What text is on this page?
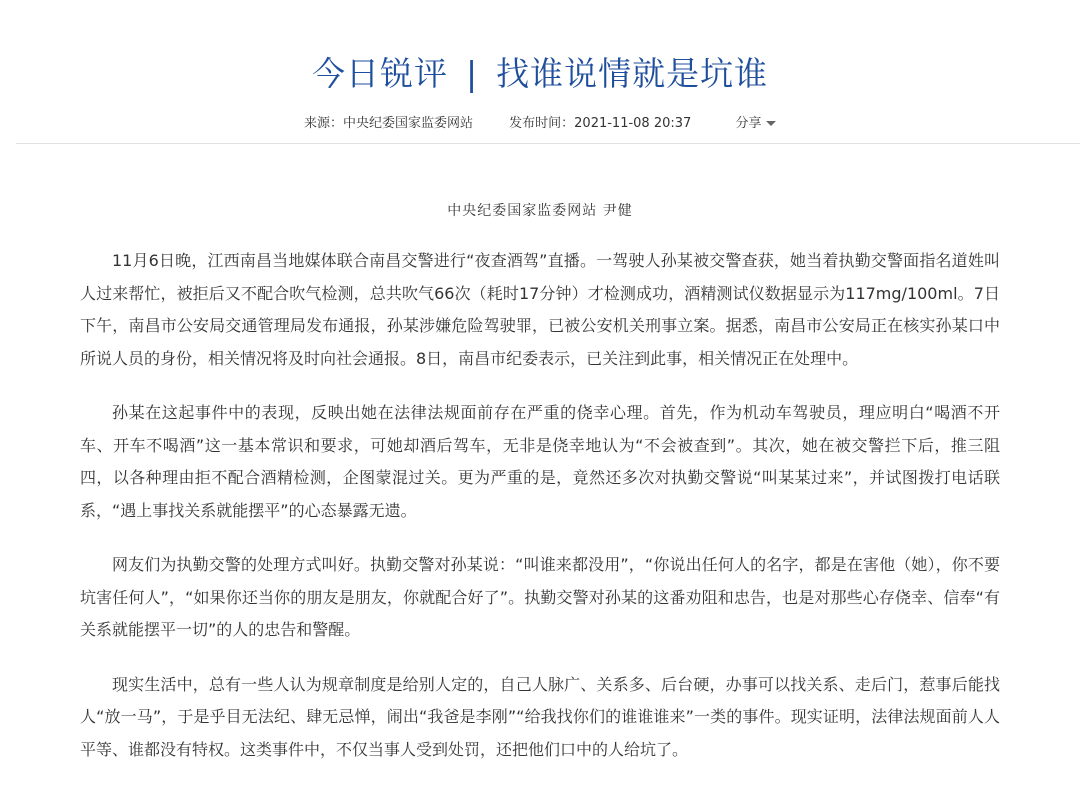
今日锐评 | 找谁说情就是坑谁
来源：中央纪委国家监委网站	发布时间：2021-11-08 20:37	分享
中央纪委国家监委网站 尹健

11月6日晚，江西南昌当地媒体联合南昌交警进行“夜查酒驾”直播。一驾驶人孙某被交警查获，她当着执勤交警面指名道姓叫人过来帮忙，被拒后又不配合吹气检测，总共吹气66次（耗时17分钟）才检测成功，酒精测试仪数据显示为117mg/100ml。7日下午，南昌市公安局交通管理局发布通报，孙某涉嫌危险驾驶罪，已被公安机关刑事立案。据悉，南昌市公安局正在核实孙某口中所说人员的身份，相关情况将及时向社会通报。8日，南昌市纪委表示，已关注到此事，相关情况正在处理中。

孙某在这起事件中的表现，反映出她在法律法规面前存在严重的侥幸心理。首先，作为机动车驾驶员，理应明白“喝酒不开车、开车不喝酒”这一基本常识和要求，可她却酒后驾车，无非是侥幸地认为“不会被查到”。其次，她在被交警拦下后，推三阻四，以各种理由拒不配合酒精检测，企图蒙混过关。更为严重的是，竟然还多次对执勤交警说“叫某某过来”，并试图拨打电话联系，“遇上事找关系就能摆平”的心态暴露无遗。

网友们为执勤交警的处理方式叫好。执勤交警对孙某说：“叫谁来都没用”，“你说出任何人的名字，都是在害他（她），你不要坑害任何人”，“如果你还当你的朋友是朋友，你就配合好了”。执勤交警对孙某的这番劝阻和忠告，也是对那些心存侥幸、信奉“有关系就能摆平一切”的人的忠告和警醒。

现实生活中，总有一些人认为规章制度是给别人定的，自己人脉广、关系多、后台硬，办事可以找关系、走后门，惹事后能找人“放一马”，于是乎目无法纪、肆无忌惮，闹出“我爸是李刚”“给我找你们的谁谁谁来”一类的事件。现实证明，法律法规面前人人平等、谁都没有特权。这类事件中，不仅当事人受到处罚，还把他们口中的人给坑了。
